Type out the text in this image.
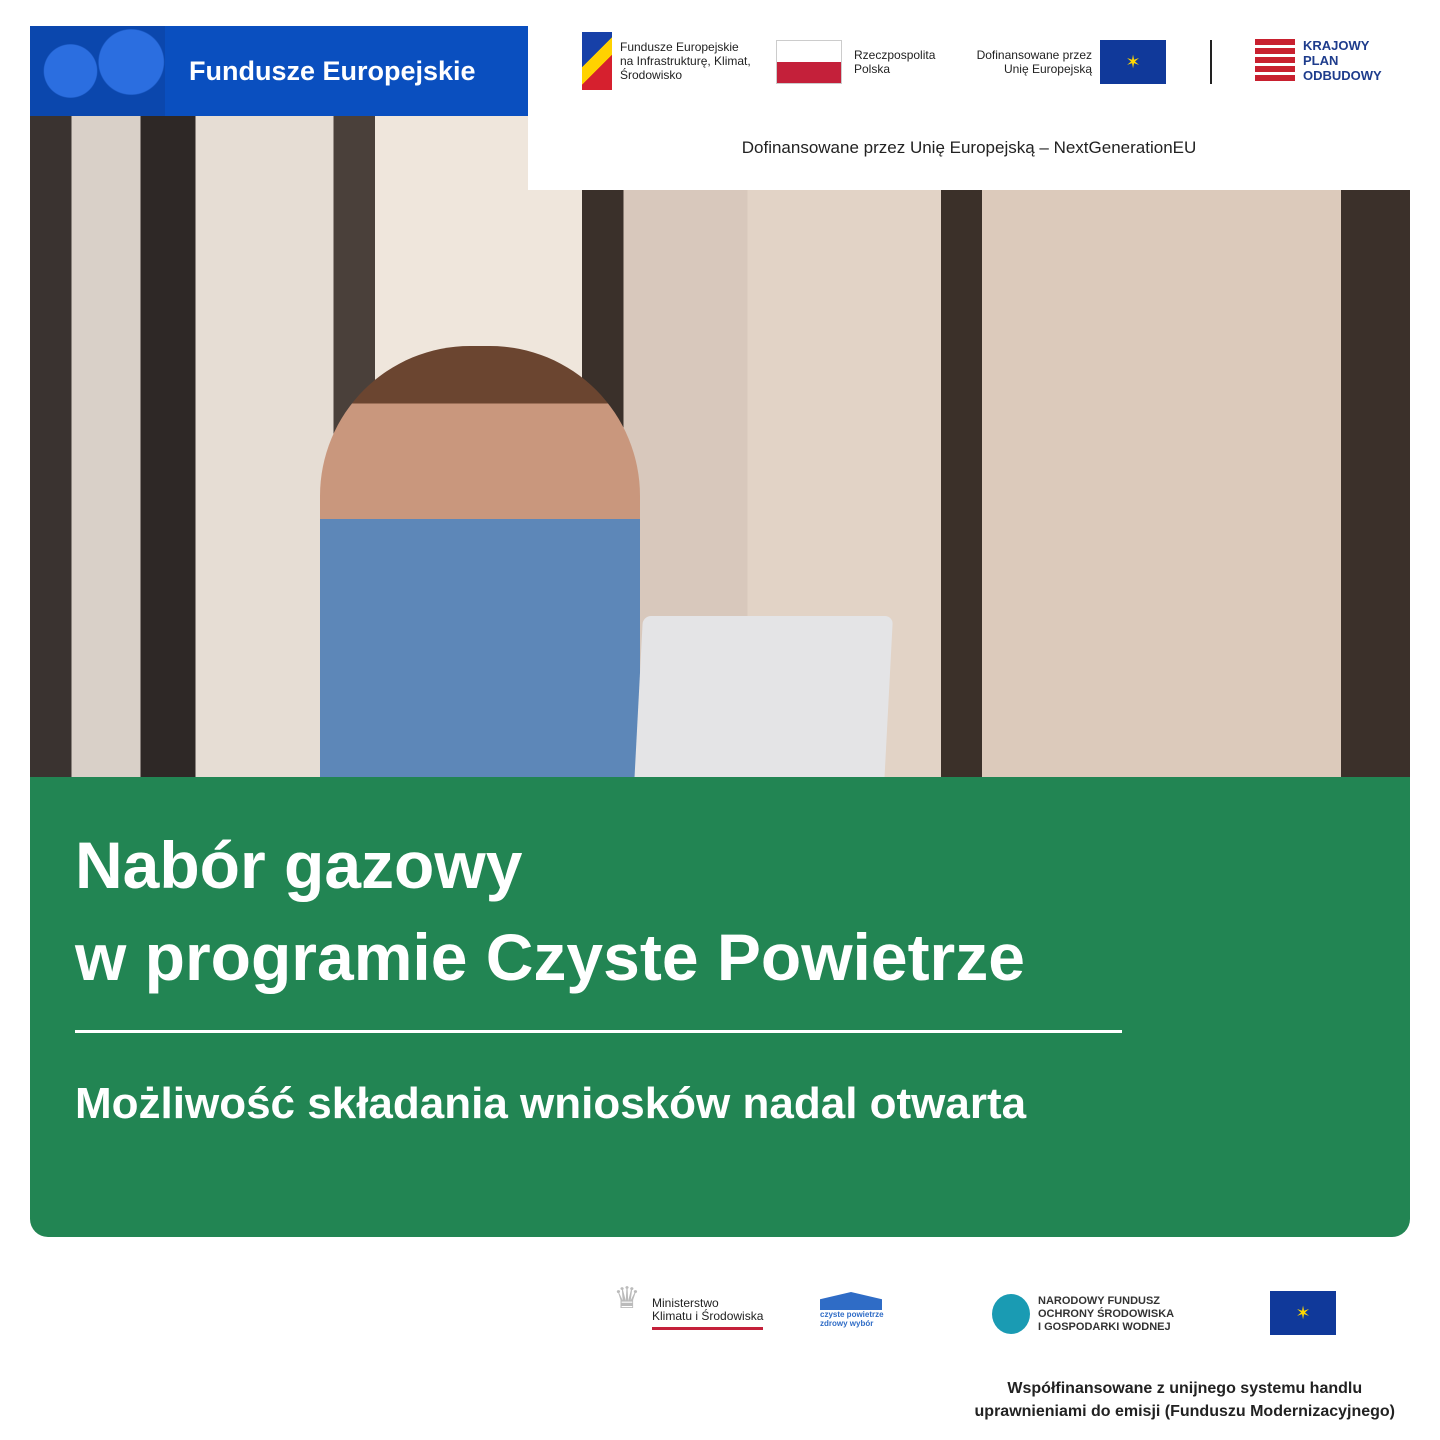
Fundusze Europejskie
Fundusze Europejskie na Infrastrukturę, Klimat, Środowisko
Rzeczpospolita Polska
Dofinansowane przez Unię Europejską	✶
KRAJOWY
PLAN
ODBUDOWY
Dofinansowane przez Unię Europejską – NextGenerationEU
Nabór gazowy
w programie Czyste Powietrze
Możliwość składania wniosków nadal otwarta
♛ Ministerstwo
Klimatu i Środowiska	czyste powietrze
zdrowy wybór
NARODOWY FUNDUSZ
OCHRONY ŚRODOWISKA
I GOSPODARKI WODNEJ
✶
Współfinansowane z unijnego systemu handlu
uprawnieniami do emisji (Funduszu Modernizacyjnego)
